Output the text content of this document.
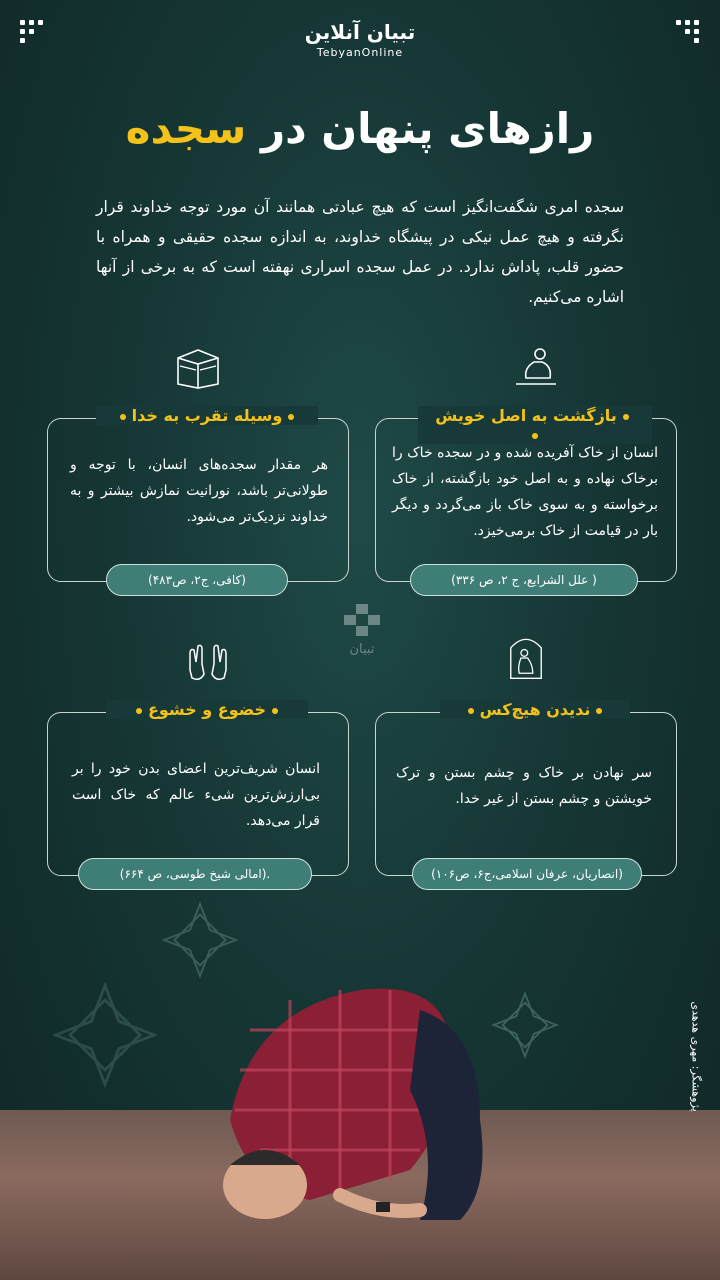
تبیان آنلاین
TebyanOnline
رازهای پنهان در سجده
سجده امری شگفت‌انگیز است که هیچ عبادتی همانند آن مورد توجه خداوند قرار نگرفته و هیچ عمل نیکی در پیشگاه خداوند، به اندازه سجده حقیقی و همراه با حضور قلب، پاداش ندارد. در عمل سجده اسراری نهفته است که به برخی از آنها اشاره می‌کنیم.
وسیله تقرب به خدا
هر مقدار سجده‌های انسان، با توجه و طولانی‌تر باشد، نورانیت نمازش بیشتر و به خداوند نزدیک‌تر می‌شود.
(کافی، ج۲، ص۴۸۳)
بازگشت به اصل خویش
انسان از خاک آفریده شده و در سجده خاک را برخاک نهاده و به اصل خود بازگشته، از خاک برخواسته و به سوی خاک باز می‌گردد و دیگر بار در قیامت از خاک برمی‌خیزد.
( علل الشرایع، ج ۲، ص ۳۳۶)
تبیان
خضوع و خشوع
انسان شریف‌ترین اعضای بدن خود را بر بی‌ارزش‌ترین شیء عالم که خاک است قرار می‌دهد.
.(امالی شیخ طوسی، ص ۶۶۴)
ندیدن هیچ‌کس
سر نهادن بر خاک و چشم بستن و ترک خویشتن و چشم بستن از غیر خدا.
(انصاریان، عرفان اسلامی،ج۶، ص۱۰۶)
پژوهشگر: مهری هدهدی
